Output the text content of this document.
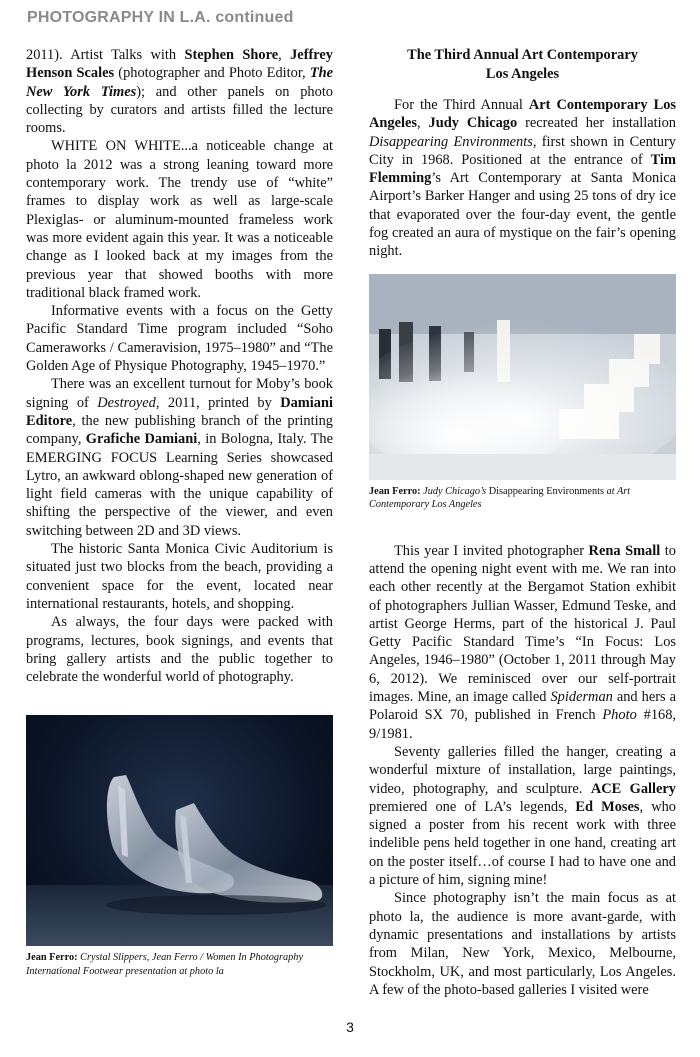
PHOTOGRAPHY IN L.A. continued

2011). Artist Talks with Stephen Shore, Jeffrey Henson Scales (photographer and Photo Editor, The New York Times); and other panels on photo collecting by curators and artists filled the lecture rooms.

WHITE ON WHITE...a noticeable change at photo la 2012 was a strong leaning toward more contemporary work. The trendy use of “white” frames to display work as well as large-scale Plexiglas- or aluminum-mounted frameless work was more evident again this year. It was a noticeable change as I looked back at my images from the previous year that showed booths with more traditional black framed work.

Informative events with a focus on the Getty Pacific Standard Time program included “Soho Cameraworks / Cameravision, 1975–1980” and “The Golden Age of Physique Photography, 1945–1970.”

There was an excellent turnout for Moby’s book signing of Destroyed, 2011, printed by Damiani Editore, the new publishing branch of the printing company, Grafiche Damiani, in Bologna, Italy. The EMERGING FOCUS Learning Series showcased Lytro, an awkward oblong-shaped new generation of light field cameras with the unique capability of shifting the perspective of the viewer, and even switching between 2D and 3D views.

The historic Santa Monica Civic Auditorium is situated just two blocks from the beach, providing a convenient space for the event, located near international restaurants, hotels, and shopping.

As always, the four days were packed with programs, lectures, book signings, and events that bring gallery artists and the public together to celebrate the wonderful world of photography.

Jean Ferro: Crystal Slippers, Jean Ferro / Women In Photography International Footwear presentation at photo la
The Third Annual Art Contemporary
Los Angeles

For the Third Annual Art Contemporary Los Angeles, Judy Chicago recreated her installation Disappearing Environments, first shown in Century City in 1968. Positioned at the entrance of Tim Flemming’s Art Contemporary at Santa Monica Airport’s Barker Hanger and using 25 tons of dry ice that evaporated over the four-day event, the gentle fog created an aura of mystique on the fair’s opening night.

Jean Ferro: Judy Chicago’s Disappearing Environments at Art Contemporary Los Angeles

This year I invited photographer Rena Small to attend the opening night event with me. We ran into each other recently at the Bergamot Station exhibit of photographers Jullian Wasser, Edmund Teske, and artist George Herms, part of the historical J. Paul Getty Pacific Standard Time’s “In Focus: Los Angeles, 1946–1980” (October 1, 2011 through May 6, 2012). We reminisced over our self-portrait images. Mine, an image called Spiderman and hers a Polaroid SX 70, published in French Photo #168, 9/1981.

Seventy galleries filled the hanger, creating a wonderful mixture of installation, large paintings, video, photography, and sculpture. ACE Gallery premiered one of LA’s legends, Ed Moses, who signed a poster from his recent work with three indelible pens held together in one hand, creating art on the poster itself…of course I had to have one and a picture of him, signing mine!

Since photography isn’t the main focus as at photo la, the audience is more avant-garde, with dynamic presentations and installations by artists from Milan, New York, Mexico, Melbourne, Stockholm, UK, and most particularly, Los Angeles. A few of the photo-based galleries I visited were

3
